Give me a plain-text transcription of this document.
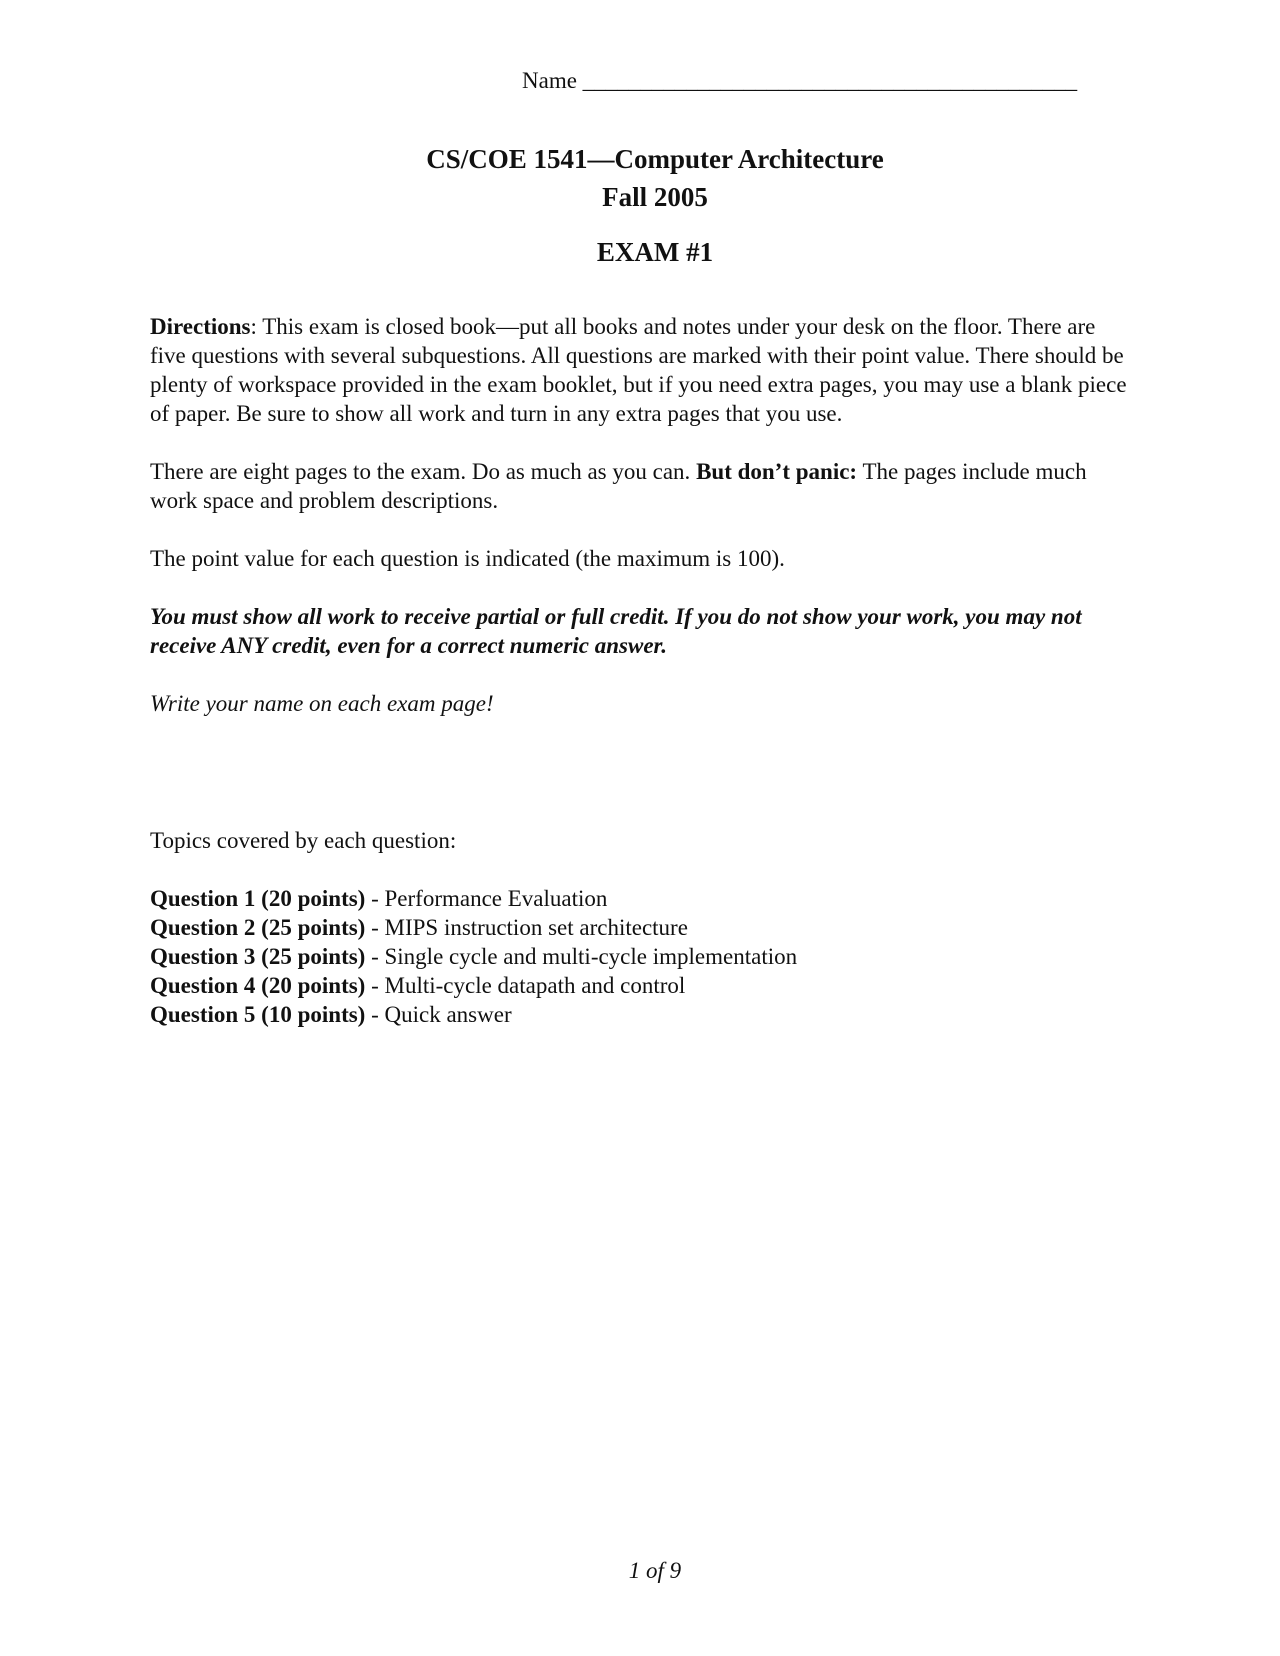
Name ___________________________________________
CS/COE 1541—Computer Architecture
Fall 2005
EXAM #1

Directions: This exam is closed book—put all books and notes under your desk on the floor. There are five questions with several subquestions. All questions are marked with their point value. There should be plenty of workspace provided in the exam booklet, but if you need extra pages, you may use a blank piece of paper. Be sure to show all work and turn in any extra pages that you use.

There are eight pages to the exam. Do as much as you can. But don’t panic: The pages include much work space and problem descriptions.

The point value for each question is indicated (the maximum is 100).

You must show all work to receive partial or full credit. If you do not show your work, you may not receive ANY credit, even for a correct numeric answer.

Write your name on each exam page!

Topics covered by each question:
Question 1 (20 points) - Performance Evaluation
Question 2 (25 points) - MIPS instruction set architecture
Question 3 (25 points) - Single cycle and multi-cycle implementation
Question 4 (20 points) - Multi-cycle datapath and control
Question 5 (10 points) - Quick answer
1 of 9
